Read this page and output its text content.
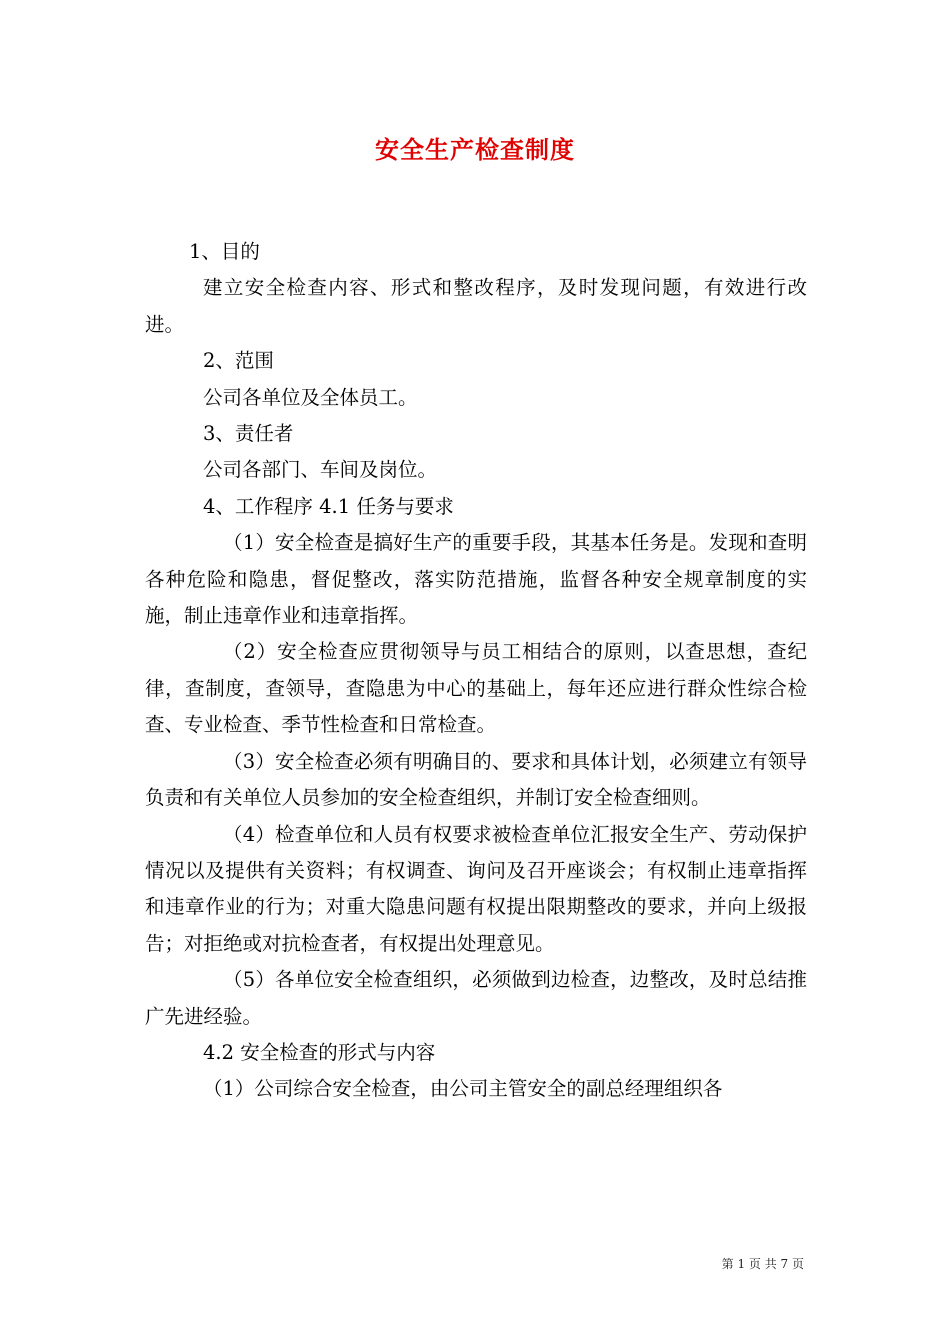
安全生产检查制度

1、目的

建立安全检查内容、形式和整改程序，及时发现问题，有效进行改进。

2、范围

公司各单位及全体员工。

3、责任者

公司各部门、车间及岗位。

4、工作程序 4.1 任务与要求

（1）安全检查是搞好生产的重要手段，其基本任务是。发现和查明各种危险和隐患，督促整改，落实防范措施，监督各种安全规章制度的实施，制止违章作业和违章指挥。

（2）安全检查应贯彻领导与员工相结合的原则，以查思想，查纪律，查制度，查领导，查隐患为中心的基础上，每年还应进行群众性综合检查、专业检查、季节性检查和日常检查。

（3）安全检查必须有明确目的、要求和具体计划，必须建立有领导负责和有关单位人员参加的安全检查组织，并制订安全检查细则。

（4）检查单位和人员有权要求被检查单位汇报安全生产、劳动保护情况以及提供有关资料；有权调查、询问及召开座谈会；有权制止违章指挥和违章作业的行为；对重大隐患问题有权提出限期整改的要求，并向上级报告；对拒绝或对抗检查者，有权提出处理意见。

（5）各单位安全检查组织，必须做到边检查，边整改，及时总结推广先进经验。

4.2 安全检查的形式与内容

（1）公司综合安全检查，由公司主管安全的副总经理组织各

第 1 页 共 7 页
